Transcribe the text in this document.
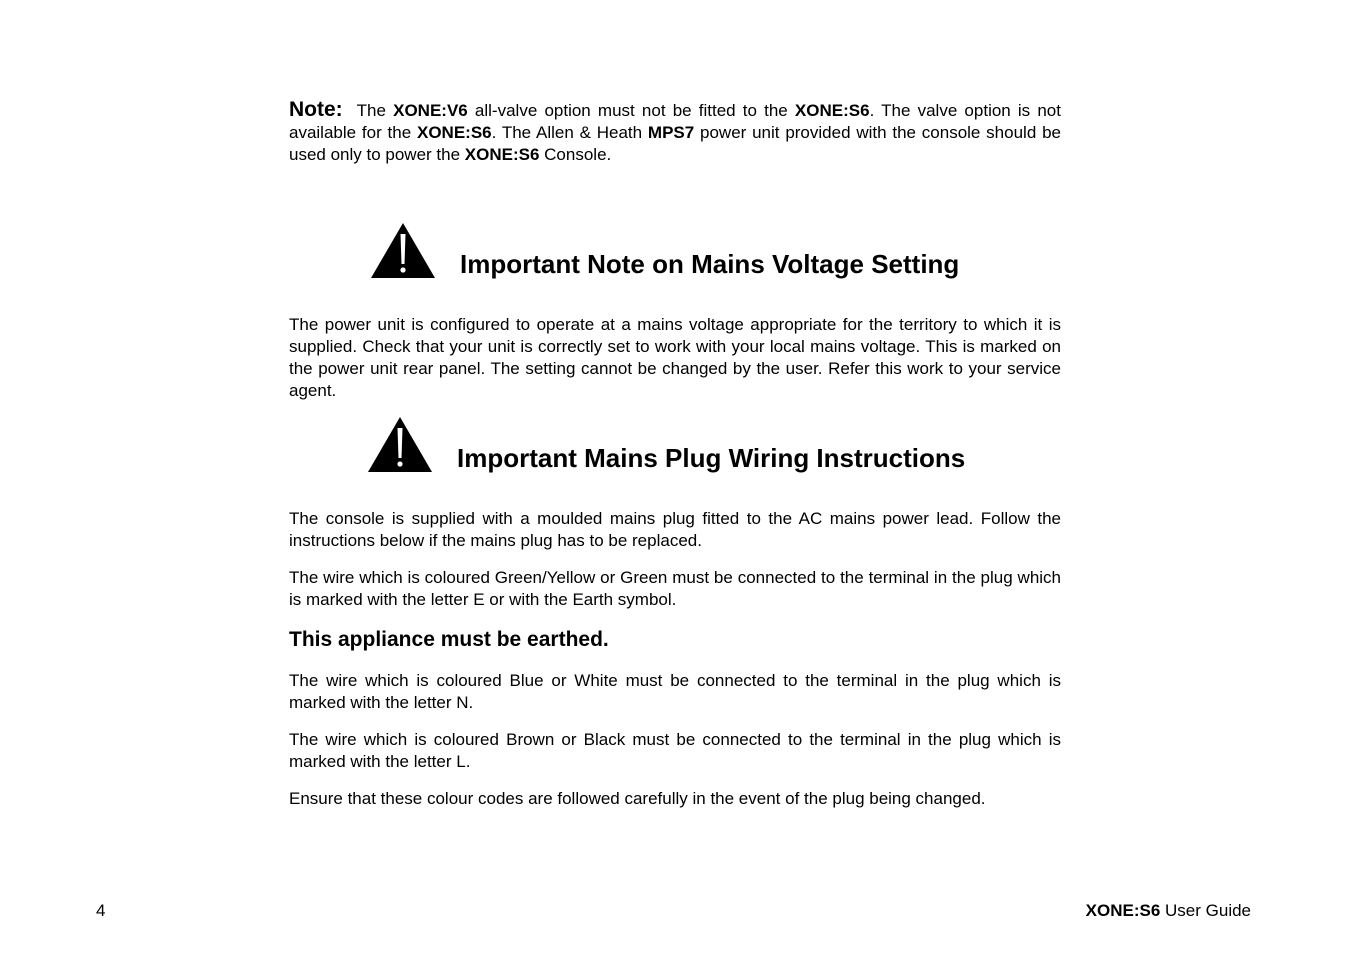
Note: The XONE:V6 all-valve option must not be fitted to the XONE:S6. The valve option is not available for the XONE:S6. The Allen & Heath MPS7 power unit provided with the console should be used only to power the XONE:S6 Console.
Important Note on Mains Voltage Setting

The power unit is configured to operate at a mains voltage appropriate for the territory to which it is supplied. Check that your unit is correctly set to work with your local mains voltage. This is marked on the power unit rear panel. The setting cannot be changed by the user. Refer this work to your service agent.

Important Mains Plug Wiring Instructions

The console is supplied with a moulded mains plug fitted to the AC mains power lead. Follow the instructions below if the mains plug has to be replaced.

The wire which is coloured Green/Yellow or Green must be connected to the terminal in the plug which is marked with the letter E or with the Earth symbol.

This appliance must be earthed.

The wire which is coloured Blue or White must be connected to the terminal in the plug which is marked with the letter N.

The wire which is coloured Brown or Black must be connected to the terminal in the plug which is marked with the letter L.

Ensure that these colour codes are followed carefully in the event of the plug being changed.

4	XONE:S6 User Guide
